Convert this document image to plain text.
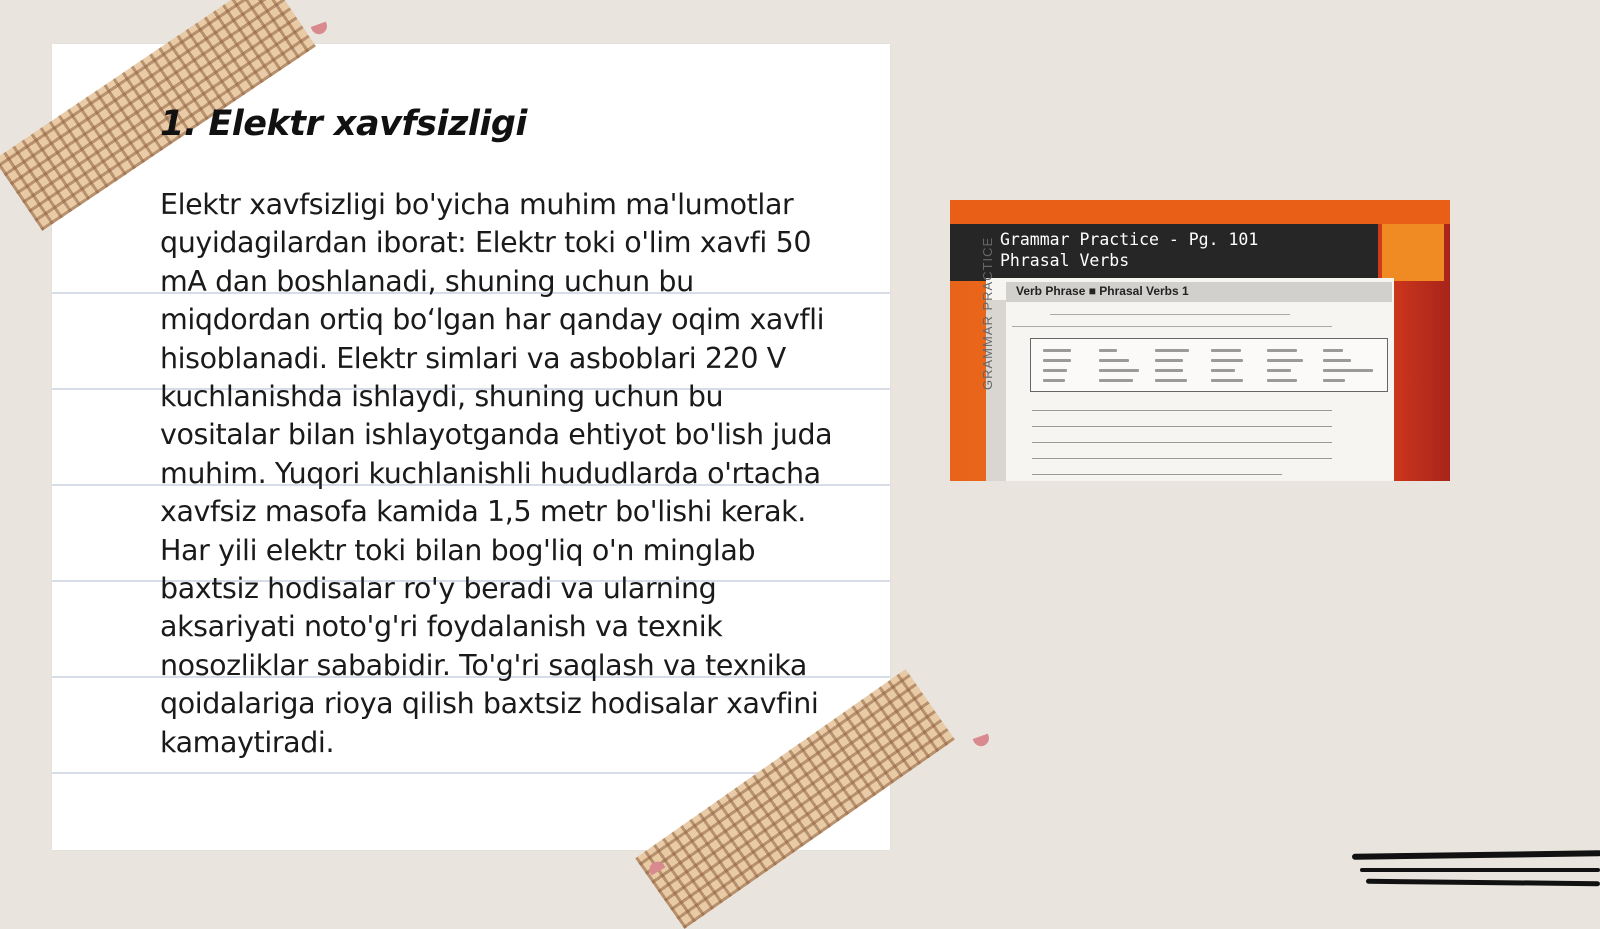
1. Elektr xavfsizligi

Elektr xavfsizligi bo'yicha muhim ma'lumotlar quyidagilardan iborat: Elektr toki o'lim xavfi 50 mA dan boshlanadi, shuning uchun bu miqdordan ortiq bo‘lgan har qanday oqim xavfli hisoblanadi. Elektr simlari va asboblari 220 V kuchlanishda ishlaydi, shuning uchun bu vositalar bilan ishlayotganda ehtiyot bo'lish juda muhim. Yuqori kuchlanishli hududlarda o'rtacha xavfsiz masofa kamida 1,5 metr bo'lishi kerak. Har yili elektr toki bilan bog'liq o'n minglab baxtsiz hodisalar ro'y beradi va ularning aksariyati noto'g'ri foydalanish va texnik nosozliklar sababidir. To'g'ri saqlash va texnika qoidalariga rioya qilish baxtsiz hodisalar xavfini kamaytiradi.

Grammar Practice - Pg. 101
Phrasal Verbs

GRAMMAR PRACTICE Verb Phrase ■ Phrasal Verbs 1
